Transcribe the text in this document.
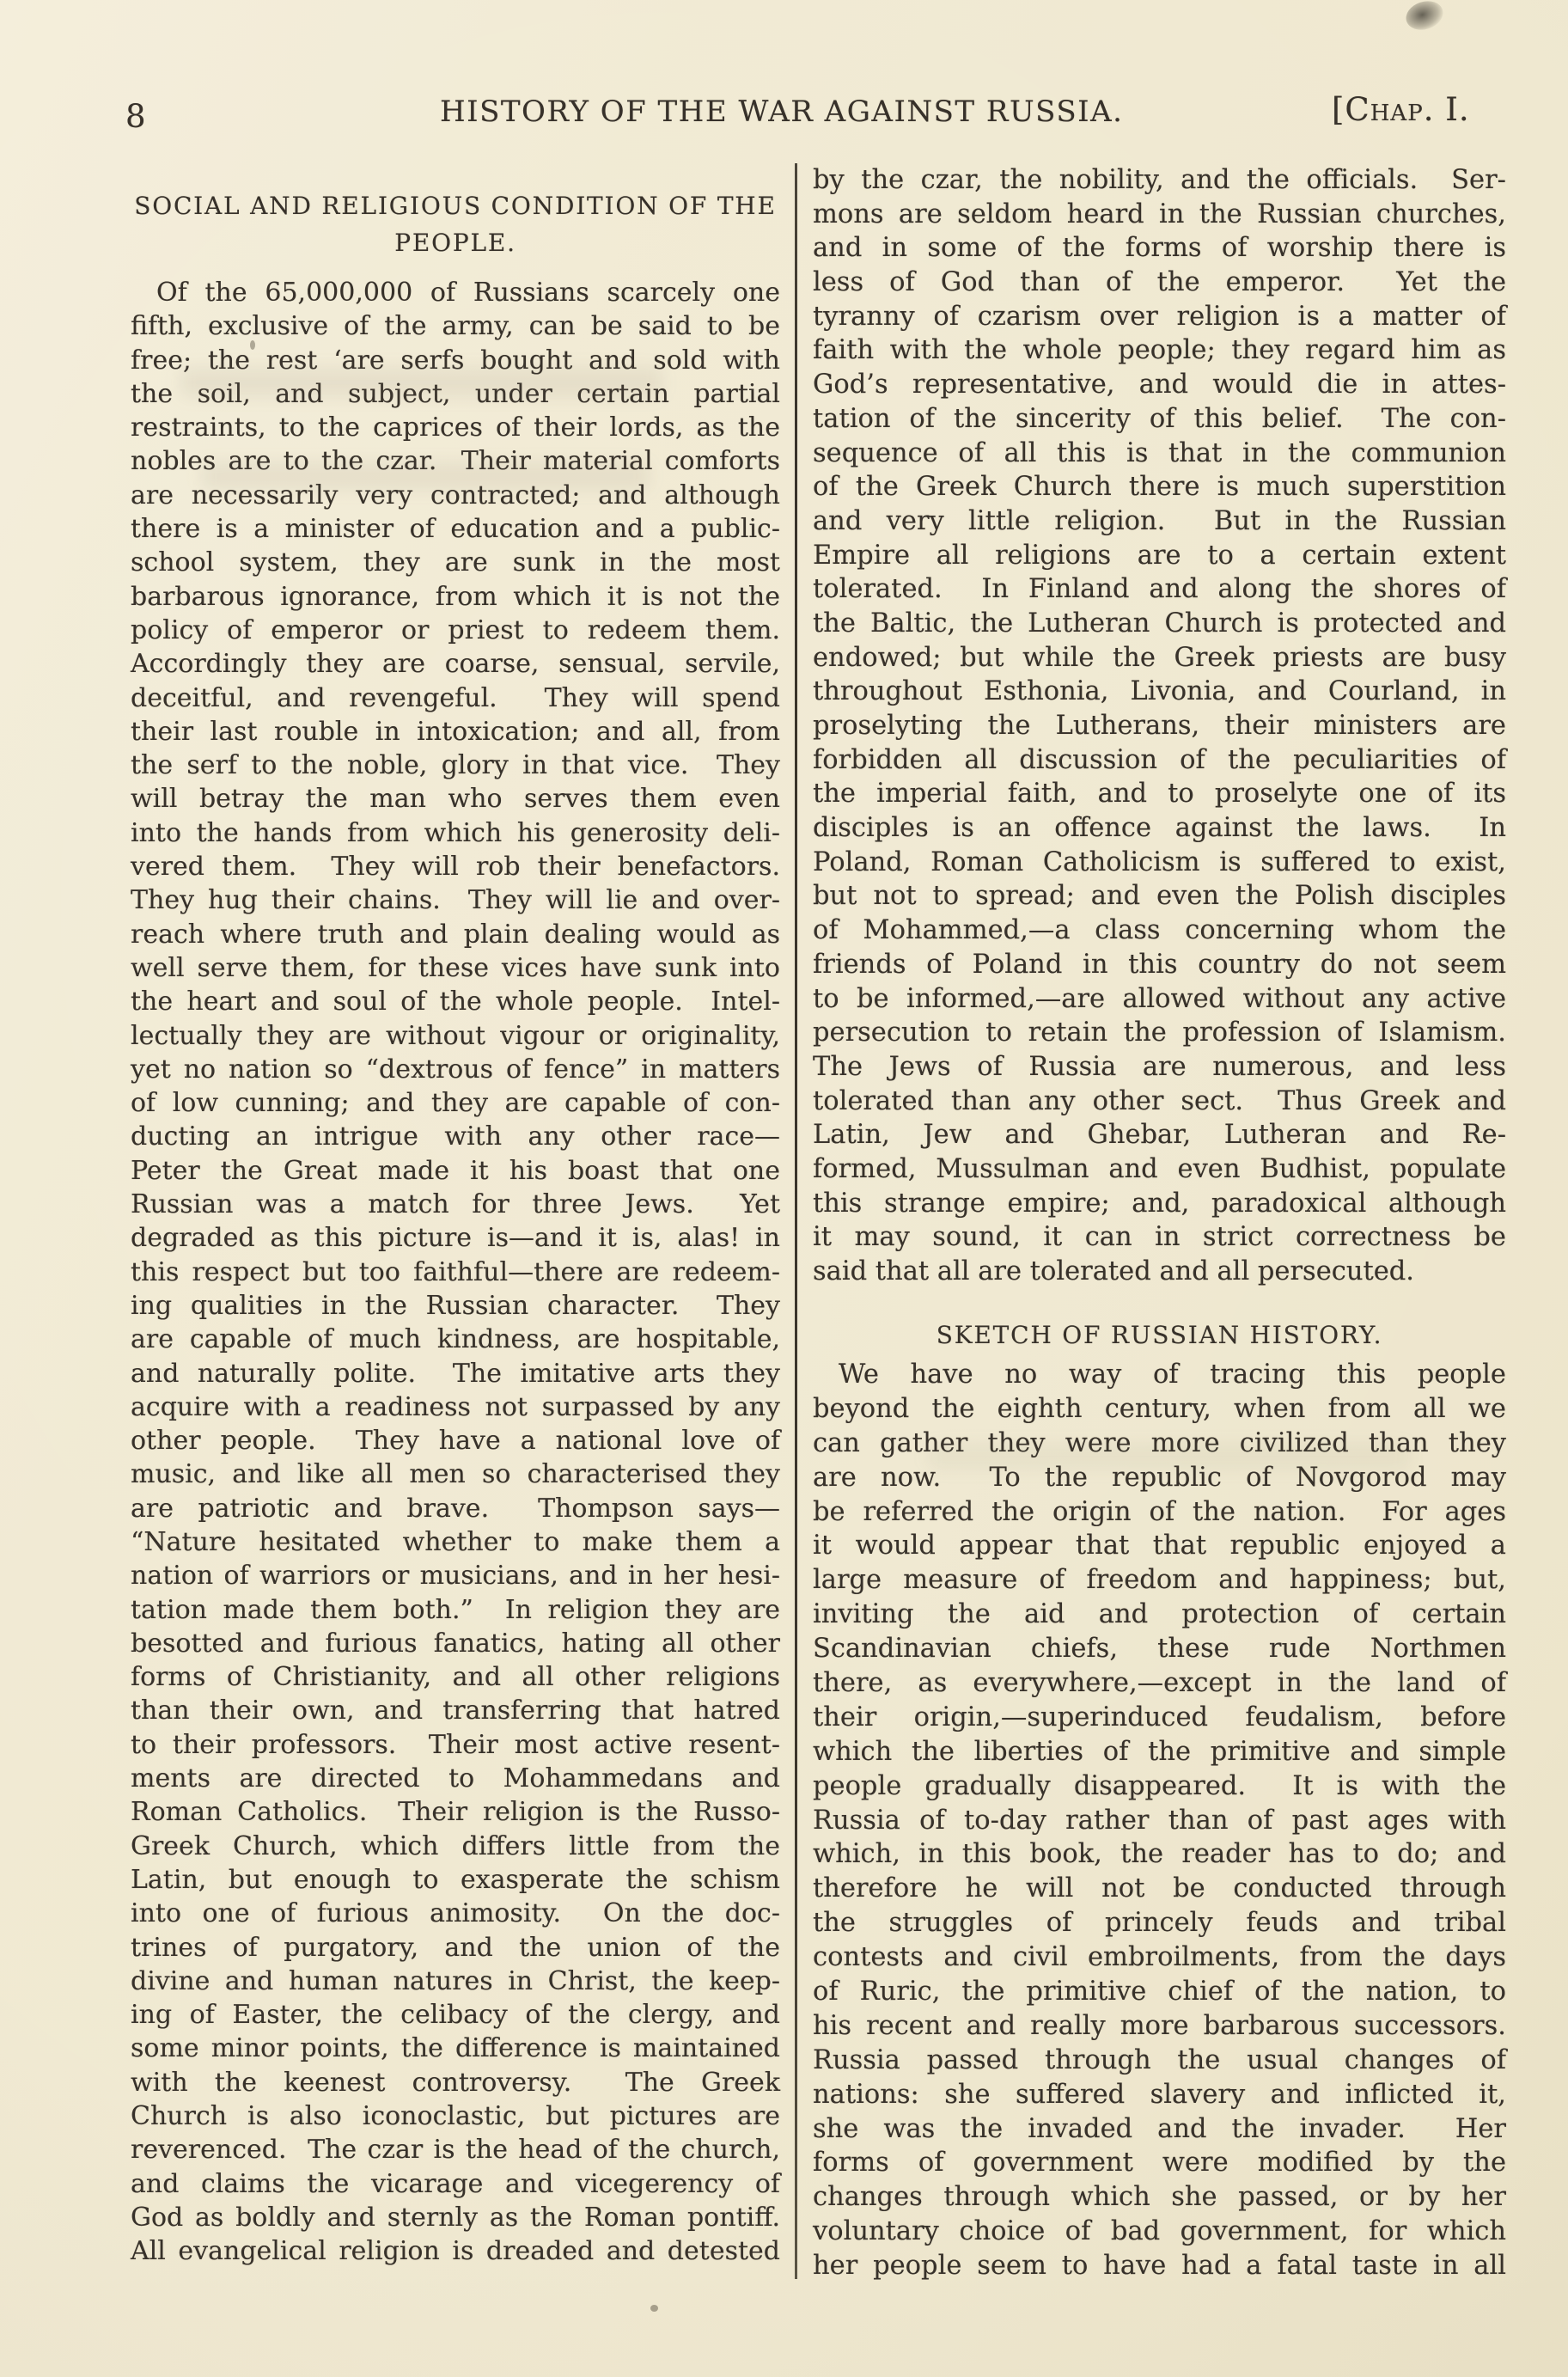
8	HISTORY OF THE WAR AGAINST RUSSIA.	[Chap. I.
SOCIAL AND RELIGIOUS CONDITION OF THE
PEOPLE.
Of the 65,000,000 of Russians scarcely one
fifth, exclusive of the army, can be said to be
free; the rest ‘are serfs bought and sold with
the soil, and subject, under certain partial
restraints, to the caprices of their lords, as the
nobles are to the czar.  Their material comforts
are necessarily very contracted; and although
there is a minister of education and a public-
school system, they are sunk in the most
barbarous ignorance, from which it is not the
policy of emperor or priest to redeem them.
Accordingly they are coarse, sensual, servile,
deceitful, and revengeful.  They will spend
their last rouble in intoxication; and all, from
the serf to the noble, glory in that vice.  They
will betray the man who serves them even
into the hands from which his generosity deli-
vered them.  They will rob their benefactors.
They hug their chains.  They will lie and over-
reach where truth and plain dealing would as
well serve them, for these vices have sunk into
the heart and soul of the whole people.  Intel-
lectually they are without vigour or originality,
yet no nation so “dextrous of fence” in matters
of low cunning; and they are capable of con-
ducting an intrigue with any other race—
Peter the Great made it his boast that one
Russian was a match for three Jews.  Yet
degraded as this picture is—and it is, alas! in
this respect but too faithful—there are redeem-
ing qualities in the Russian character.  They
are capable of much kindness, are hospitable,
and naturally polite.  The imitative arts they
acquire with a readiness not surpassed by any
other people.  They have a national love of
music, and like all men so characterised they
are patriotic and brave.  Thompson says—
“Nature hesitated whether to make them a
nation of warriors or musicians, and in her hesi-
tation made them both.”  In religion they are
besotted and furious fanatics, hating all other
forms of Christianity, and all other religions
than their own, and transferring that hatred
to their professors.  Their most active resent-
ments are directed to Mohammedans and
Roman Catholics.  Their religion is the Russo-
Greek Church, which differs little from the
Latin, but enough to exasperate the schism
into one of furious animosity.  On the doc-
trines of purgatory, and the union of the
divine and human natures in Christ, the keep-
ing of Easter, the celibacy of the clergy, and
some minor points, the difference is maintained
with the keenest controversy.  The Greek
Church is also iconoclastic, but pictures are
reverenced.  The czar is the head of the church,
and claims the vicarage and vicegerency of
God as boldly and sternly as the Roman pontiff.
All evangelical religion is dreaded and detested
by the czar, the nobility, and the officials.  Ser-
mons are seldom heard in the Russian churches,
and in some of the forms of worship there is
less of God than of the emperor.  Yet the
tyranny of czarism over religion is a matter of
faith with the whole people; they regard him as
God’s representative, and would die in attes-
tation of the sincerity of this belief.  The con-
sequence of all this is that in the communion
of the Greek Church there is much superstition
and very little religion.  But in the Russian
Empire all religions are to a certain extent
tolerated.  In Finland and along the shores of
the Baltic, the Lutheran Church is protected and
endowed; but while the Greek priests are busy
throughout Esthonia, Livonia, and Courland, in
proselyting the Lutherans, their ministers are
forbidden all discussion of the peculiarities of
the imperial faith, and to proselyte one of its
disciples is an offence against the laws.  In
Poland, Roman Catholicism is suffered to exist,
but not to spread; and even the Polish disciples
of Mohammed,—a class concerning whom the
friends of Poland in this country do not seem
to be informed,—are allowed without any active
persecution to retain the profession of Islamism.
The Jews of Russia are numerous, and less
tolerated than any other sect.  Thus Greek and
Latin, Jew and Ghebar, Lutheran and Re-
formed, Mussulman and even Budhist, populate
this strange empire; and, paradoxical although
it may sound, it can in strict correctness be
said that all are tolerated and all persecuted.
SKETCH OF RUSSIAN HISTORY.
We have no way of tracing this people
beyond the eighth century, when from all we
can gather they were more civilized than they
are now.  To the republic of Novgorod may
be referred the origin of the nation.  For ages
it would appear that that republic enjoyed a
large measure of freedom and happiness; but,
inviting the aid and protection of certain
Scandinavian chiefs, these rude Northmen
there, as everywhere,—except in the land of
their origin,—superinduced feudalism, before
which the liberties of the primitive and simple
people gradually disappeared.  It is with the
Russia of to-day rather than of past ages with
which, in this book, the reader has to do; and
therefore he will not be conducted through
the struggles of princely feuds and tribal
contests and civil embroilments, from the days
of Ruric, the primitive chief of the nation, to
his recent and really more barbarous successors.
Russia passed through the usual changes of
nations: she suffered slavery and inflicted it,
she was the invaded and the invader.  Her
forms of government were modified by the
changes through which she passed, or by her
voluntary choice of bad government, for which
her people seem to have had a fatal taste in all
